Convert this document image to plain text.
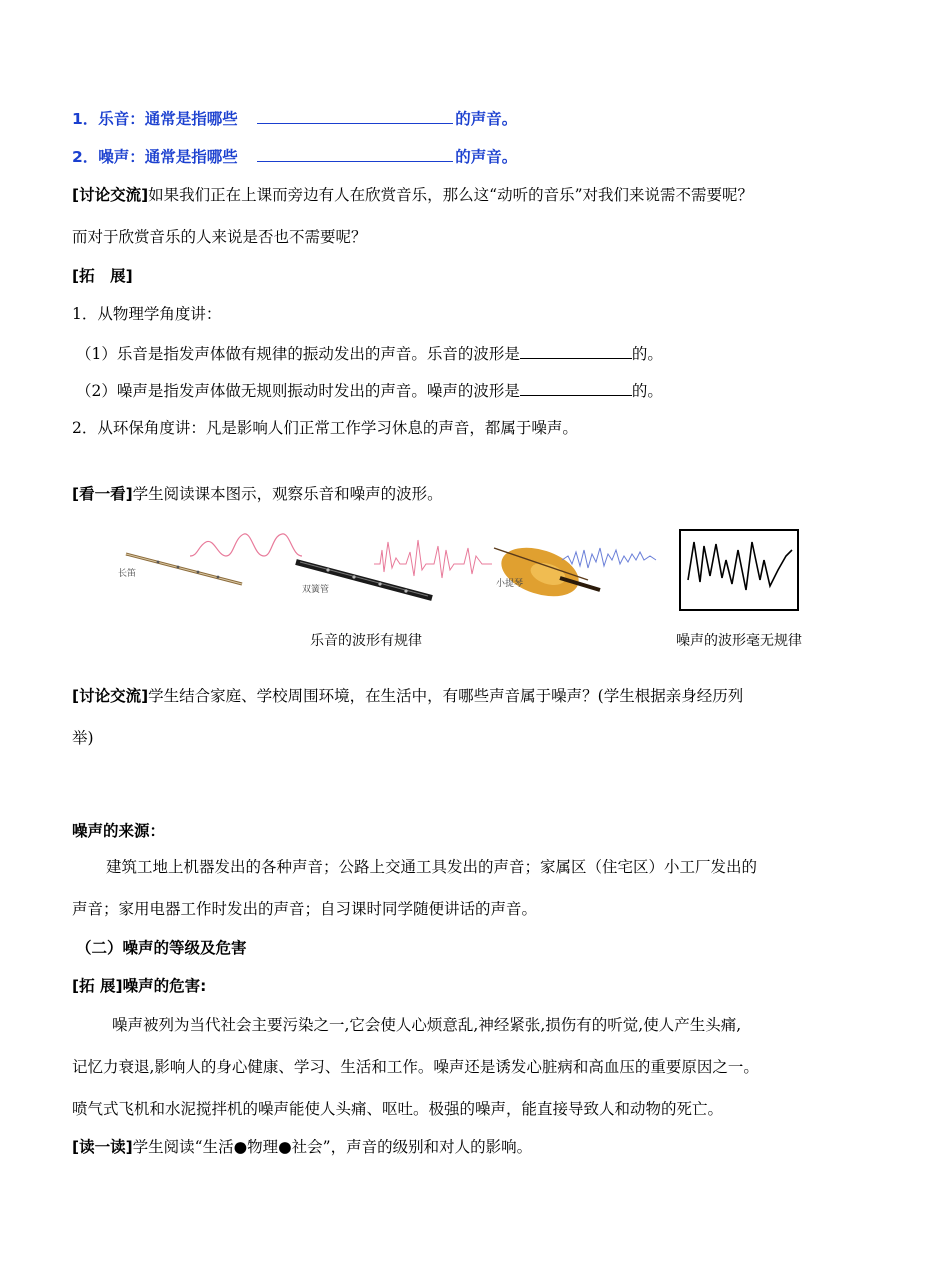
1．乐音：通常是指哪些	的声音。
2．噪声：通常是指哪些	的声音。
[讨论交流]如果我们正在上课而旁边有人在欣赏音乐，那么这“动听的音乐”对我们来说需不需要呢？
而对于欣赏音乐的人来说是否也不需要呢？
[拓　展]
1．从物理学角度讲：
（1）乐音是指发声体做有规律的振动发出的声音。乐音的波形是	的。
（2）噪声是指发声体做无规则振动时发出的声音。噪声的波形是	的。
2．从环保角度讲：凡是影响人们正常工作学习休息的声音，都属于噪声。
[看一看]学生阅读课本图示，观察乐音和噪声的波形。
长笛
双簧管
小提琴
乐音的波形有规律	噪声的波形毫无规律
[讨论交流]学生结合家庭、学校周围环境，在生活中，有哪些声音属于噪声？(学生根据亲身经历列
举)
噪声的来源：
建筑工地上机器发出的各种声音；公路上交通工具发出的声音；家属区（住宅区）小工厂发出的
声音；家用电器工作时发出的声音；自习课时同学随便讲话的声音。
（二）噪声的等级及危害
[拓 展]噪声的危害:
噪声被列为当代社会主要污染之一,它会使人心烦意乱,神经紧张,损伤有的听觉,使人产生头痛,
记忆力衰退,影响人的身心健康、学习、生活和工作。噪声还是诱发心脏病和高血压的重要原因之一。
喷气式飞机和水泥搅拌机的噪声能使人头痛、呕吐。极强的噪声，能直接导致人和动物的死亡。
[读一读]学生阅读“生活●物理●社会”，声音的级别和对人的影响。
